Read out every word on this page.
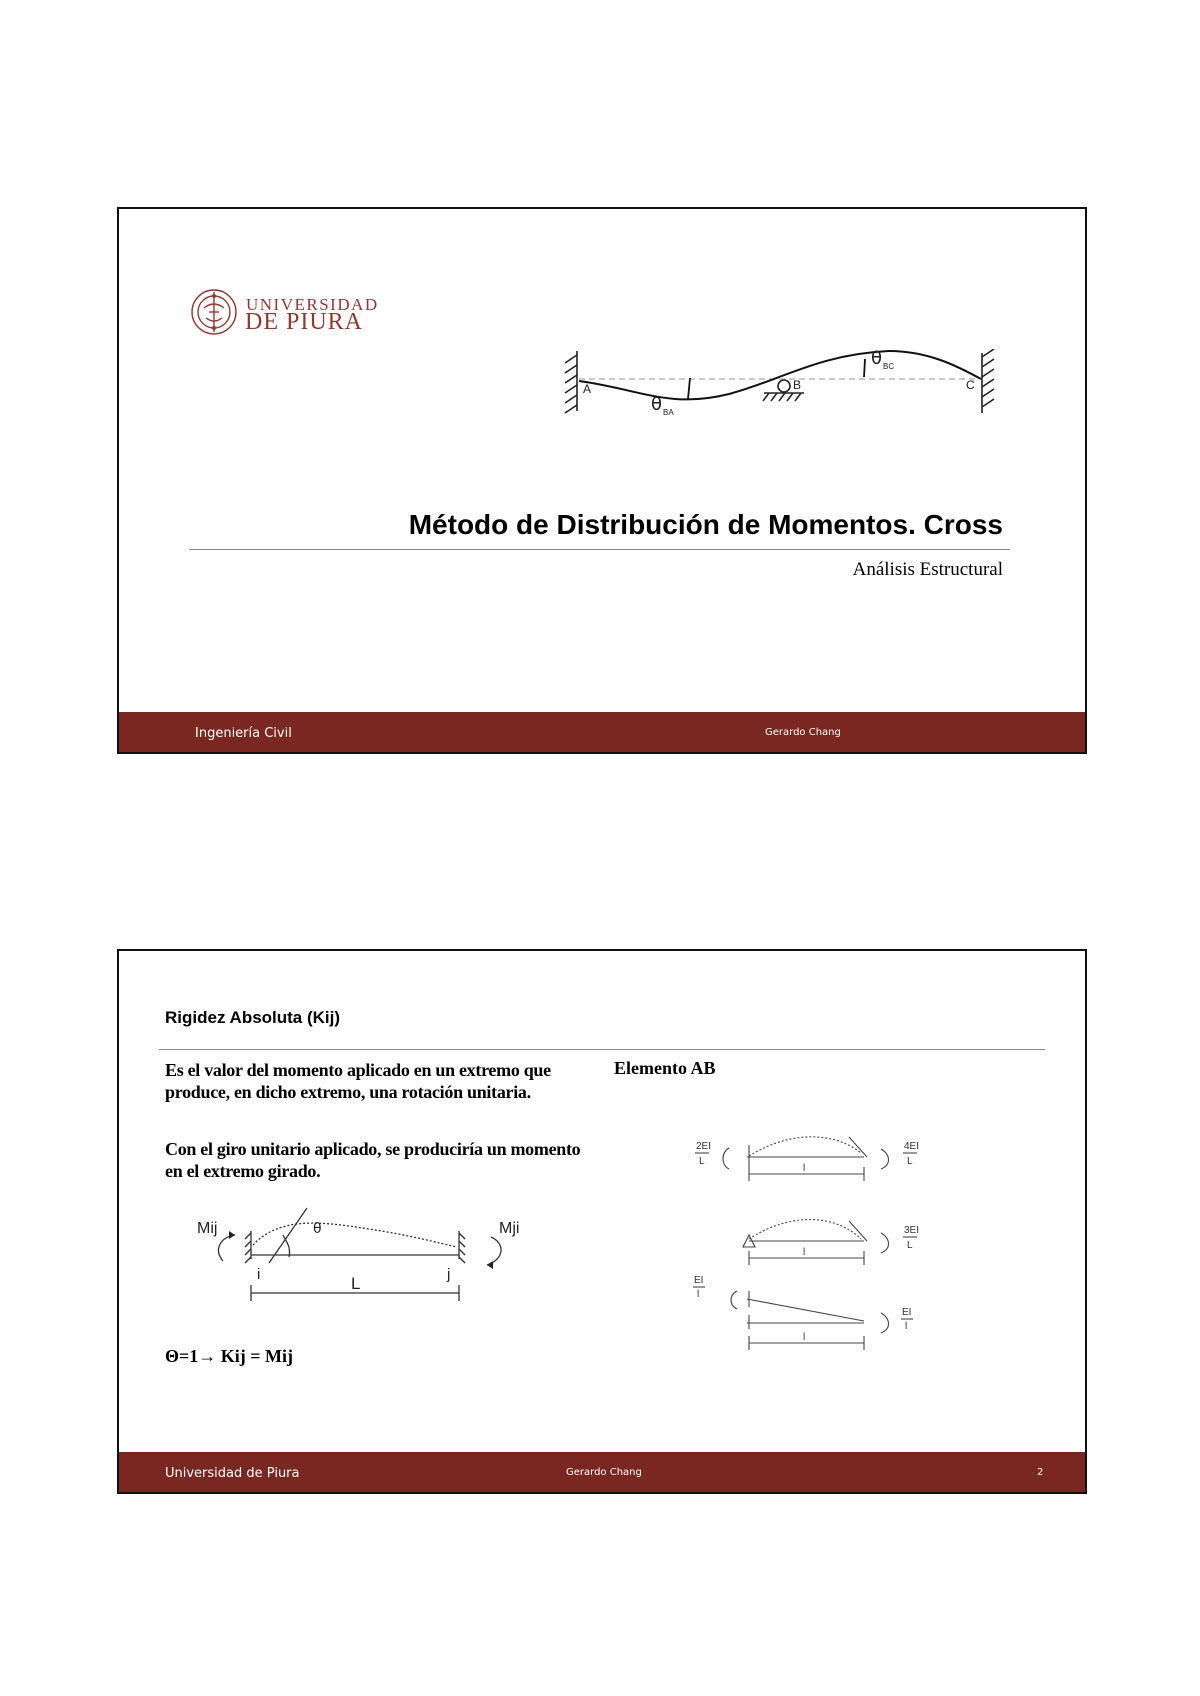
UNIVERSIDAD
DE PIURA
A	B	C
θ BA
θ BC
Método de Distribución de Momentos. Cross
Análisis Estructural
Ingeniería Civil	Gerardo Chang
Rigidez Absoluta (Kij)
Es el valor del momento aplicado en un extremo que produce, en dicho extremo, una rotación unitaria.
Con el giro unitario aplicado, se produciría un momento en el extremo girado.
Elemento AB
Mij	Mji
θ
i	j
L
Θ=1→ Kij = Mij
2EI
L
4EI
L
l
3EI
L
l
EI
l
EI
l
l
Universidad de Piura	Gerardo Chang	2
